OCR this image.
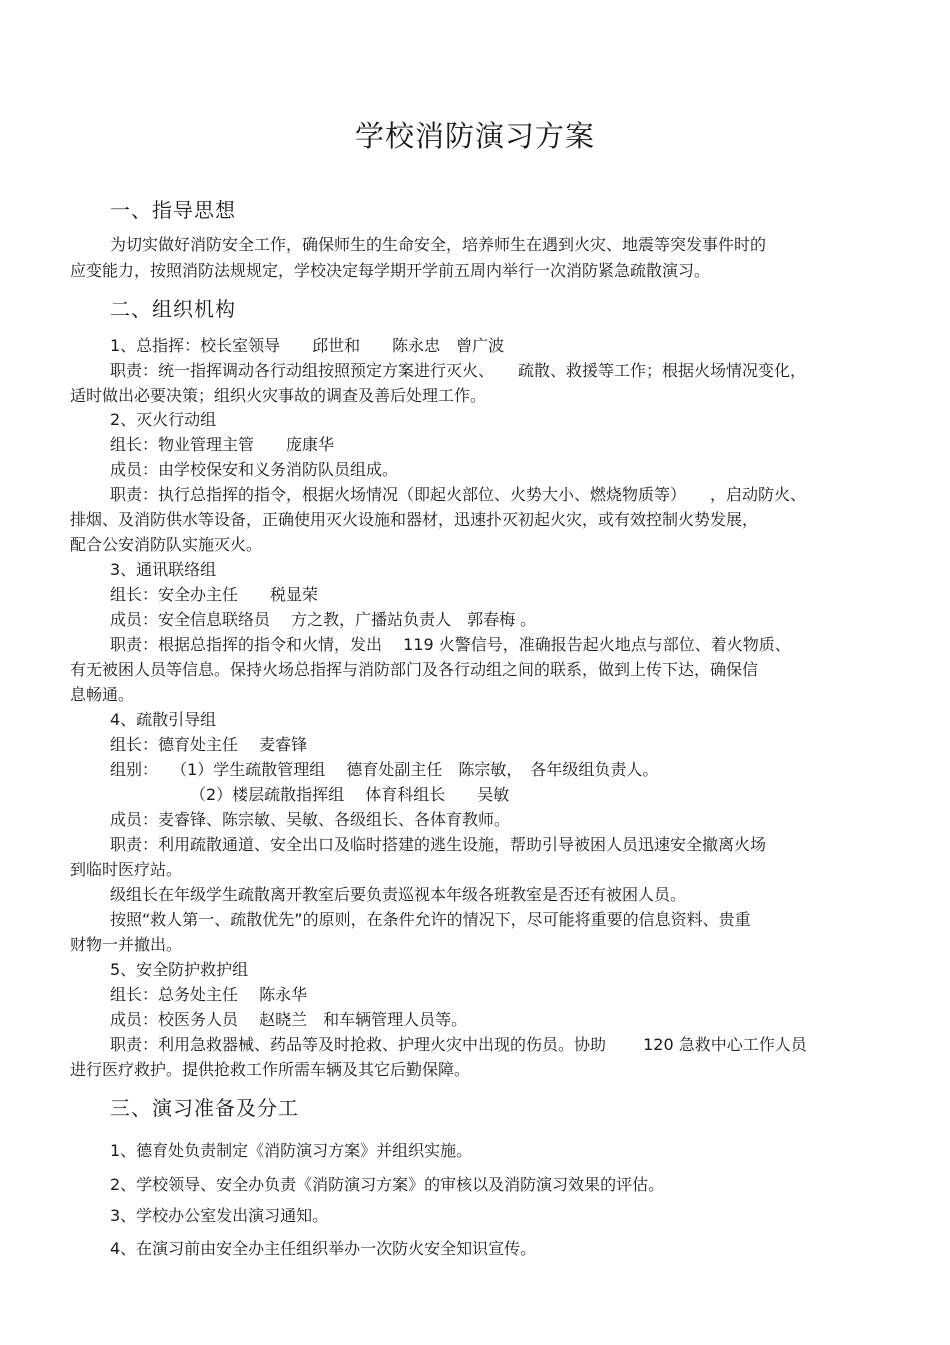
学校消防演习方案
一、指导思想
为切实做好消防安全工作，确保师生的生命安全，培养师生在遇到火灾、地震等突发事件时的
应变能力，按照消防法规规定，学校决定每学期开学前五周内举行一次消防紧急疏散演习。
二、组织机构
1、总指挥：校长室领导　　邱世和　　陈永忠　曾广波
职责：统一指挥调动各行动组按照预定方案进行灭火、　　疏散、救援等工作；根据火场情况变化，
适时做出必要决策；组织火灾事故的调查及善后处理工作。
2、灭火行动组
组长：物业管理主管　　庞康华
成员：由学校保安和义务消防队员组成。
职责：执行总指挥的指令，根据火场情况（即起火部位、火势大小、燃烧物质等）　　，启动防火、
排烟、及消防供水等设备，正确使用灭火设施和器材，迅速扑灭初起火灾，或有效控制火势发展，
配合公安消防队实施灭火。
3、通讯联络组
组长：安全办主任　　税显荣
成员：安全信息联络员　 方之教，广播站负责人　郭春梅 。
职责：根据总指挥的指令和火情，发出　 119 火警信号，准确报告起火地点与部位、着火物质、
有无被困人员等信息。保持火场总指挥与消防部门及各行动组之间的联系，做到上传下达，确保信
息畅通。
4、疏散引导组
组长：德育处主任　 麦睿锋
组别：　 （1）学生疏散管理组　 德育处副主任　陈宗敏，　各年级组负责人。
（2）楼层疏散指挥组　 体育科组长　　吴敏
成员：麦睿锋、陈宗敏、吴敏、各级组长、各体育教师。
职责：利用疏散通道、安全出口及临时搭建的逃生设施，帮助引导被困人员迅速安全撤离火场
到临时医疗站。
级组长在年级学生疏散离开教室后要负责巡视本年级各班教室是否还有被困人员。
按照“救人第一、疏散优先”的原则，在条件允许的情况下，尽可能将重要的信息资料、贵重
财物一并撤出。
5、安全防护救护组
组长：总务处主任　 陈永华
成员：校医务人员　 赵晓兰　和车辆管理人员等。
职责：利用急救器械、药品等及时抢救、护理火灾中出现的伤员。协助　　 120 急救中心工作人员
进行医疗救护。提供抢救工作所需车辆及其它后勤保障。
三、演习准备及分工
1、德育处负责制定《消防演习方案》并组织实施。
2、学校领导、安全办负责《消防演习方案》的审核以及消防演习效果的评估。
3、学校办公室发出演习通知。
4、在演习前由安全办主任组织举办一次防火安全知识宣传。
